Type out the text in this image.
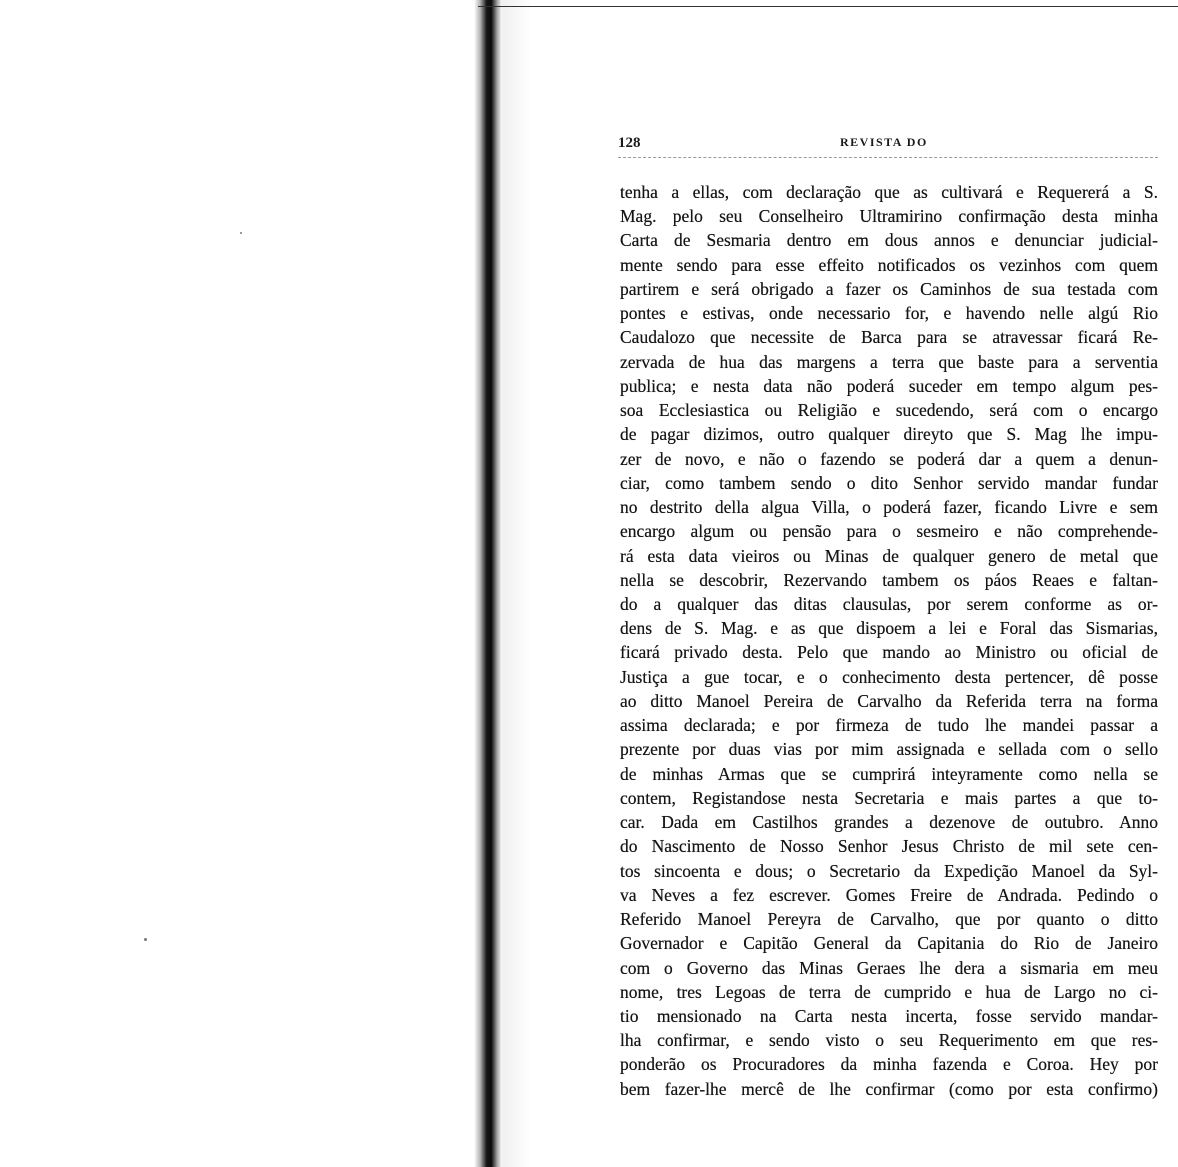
128	REVISTA DO

tenha a ellas, com declaração que as cultivará e Requererá a S.
Mag. pelo seu Conselheiro Ultramirino confirmação desta minha
Carta de Sesmaria dentro em dous annos e denunciar judicial-
mente sendo para esse effeito notificados os vezinhos com quem
partirem e será obrigado a fazer os Caminhos de sua testada com
pontes e estivas, onde necessario for, e havendo nelle algú Rio
Caudalozo que necessite de Barca para se atravessar ficará Re-
zervada de hua das margens a terra que baste para a serventia
publica; e nesta data não poderá suceder em tempo algum pes-
soa Ecclesiastica ou Religião e sucedendo, será com o encargo
de pagar dizimos, outro qualquer direyto que S. Mag lhe impu-
zer de novo, e não o fazendo se poderá dar a quem a denun-
ciar, como tambem sendo o dito Senhor servido mandar fundar
no destrito della algua Villa, o poderá fazer, ficando Livre e sem
encargo algum ou pensão para o sesmeiro e não comprehende-
rá esta data vieiros ou Minas de qualquer genero de metal que
nella se descobrir, Rezervando tambem os páos Reaes e faltan-
do a qualquer das ditas clausulas, por serem conforme as or-
dens de S. Mag. e as que dispoem a lei e Foral das Sismarias,
ficará privado desta. Pelo que mando ao Ministro ou oficial de
Justiça a gue tocar, e o conhecimento desta pertencer, dê posse
ao ditto Manoel Pereira de Carvalho da Referida terra na forma
assima declarada; e por firmeza de tudo lhe mandei passar a
prezente por duas vias por mim assignada e sellada com o sello
de minhas Armas que se cumprirá inteyramente como nella se
contem, Registandose nesta Secretaria e mais partes a que to-
car. Dada em Castilhos grandes a dezenove de outubro. Anno
do Nascimento de Nosso Senhor Jesus Christo de mil sete cen-
tos sincoenta e dous; o Secretario da Expedição Manoel da Syl-
va Neves a fez escrever. Gomes Freire de Andrada. Pedindo o
Referido Manoel Pereyra de Carvalho, que por quanto o ditto
Governador e Capitão General da Capitania do Rio de Janeiro
com o Governo das Minas Geraes lhe dera a sismaria em meu
nome, tres Legoas de terra de cumprido e hua de Largo no ci-
tio mensionado na Carta nesta incerta, fosse servido mandar-
lha confirmar, e sendo visto o seu Requerimento em que res-
ponderão os Procuradores da minha fazenda e Coroa. Hey por
bem fazer-lhe mercê de lhe confirmar (como por esta confirmo)
